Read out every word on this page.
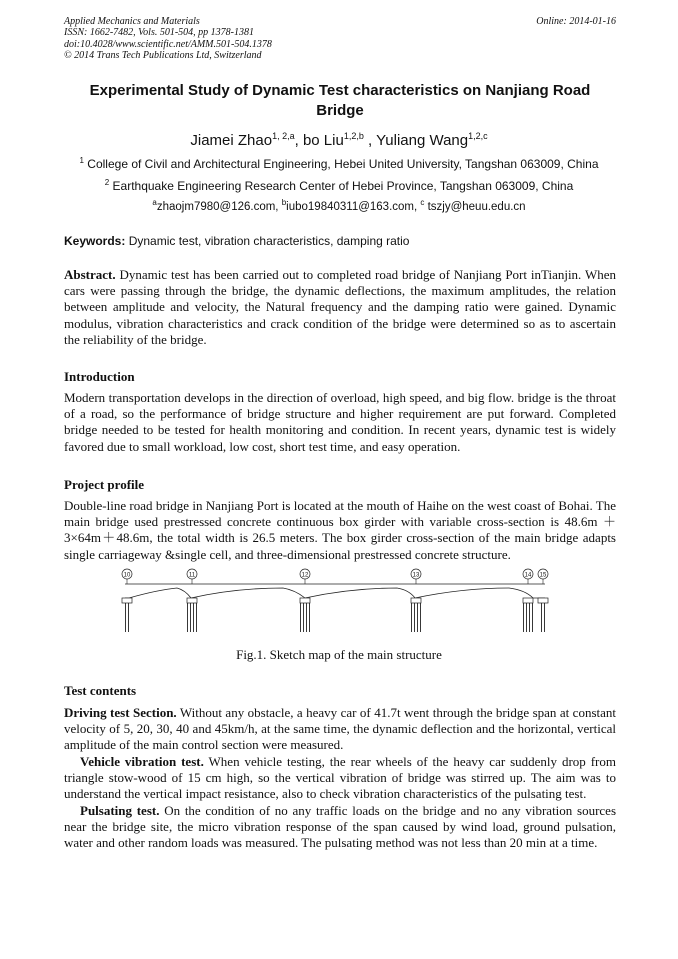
Applied Mechanics and Materials
ISSN: 1662-7482, Vols. 501-504, pp 1378-1381
doi:10.4028/www.scientific.net/AMM.501-504.1378
© 2014 Trans Tech Publications Ltd, Switzerland
Online: 2014-01-16
Experimental Study of Dynamic Test characteristics on Nanjiang Road Bridge
Jiamei Zhao$^{1, 2,a}$, bo Liu$^{1,2,b}$ , Yuliang Wang$^{1,2,c}$
$^1$ College of Civil and Architectural Engineering, Hebei United University, Tangshan 063009, China
$^2$ Earthquake Engineering Research Center of Hebei Province, Tangshan 063009, China
$^a$zhaojm7980@126.com, $^b$iubo19840311@163.com, $^c$ tszjy@heuu.edu.cn
Keywords: Dynamic test, vibration characteristics, damping ratio
Abstract. Dynamic test has been carried out to completed road bridge of Nanjiang Port inTianjin. When cars were passing through the bridge, the dynamic deflections, the maximum amplitudes, the relation between amplitude and velocity, the Natural frequency and the damping ratio were gained. Dynamic modulus, vibration characteristics and crack condition of the bridge were determined so as to ascertain the reliability of the bridge.
Introduction
Modern transportation develops in the direction of overload, high speed, and big flow. bridge is the throat of a road, so the performance of bridge structure and higher requirement are put forward. Completed bridge needed to be tested for health monitoring and condition. In recent years, dynamic test is widely favored due to small workload, low cost, short test time, and easy operation.
Project profile
Double-line road bridge in Nanjiang Port is located at the mouth of Haihe on the west coast of Bohai. The main bridge used prestressed concrete continuous box girder with variable cross-section is 48.6m ＋3×64m＋48.6m, the total width is 26.5 meters. The box girder cross-section of the main bridge adapts single carriageway &single cell, and three-dimensional prestressed concrete structure.
10	11	12	13	14 15
Fig.1. Sketch map of the main structure
Test contents
Driving test Section. Without any obstacle, a heavy car of 41.7t went through the bridge span at constant velocity of 5, 20, 30, 40 and 45km/h, at the same time, the dynamic deflection and the horizontal, vertical amplitude of the main control section were measured.
Vehicle vibration test. When vehicle testing, the rear wheels of the heavy car suddenly drop from triangle stow-wood of 15 cm high, so the vertical vibration of bridge was stirred up. The aim was to understand the vertical impact resistance, also to check vibration characteristics of the pulsating test.
Pulsating test. On the condition of no any traffic loads on the bridge and no any vibration sources near the bridge site, the micro vibration response of the span caused by wind load, ground pulsation, water and other random loads was measured. The pulsating method was not less than 20 min at a time.
